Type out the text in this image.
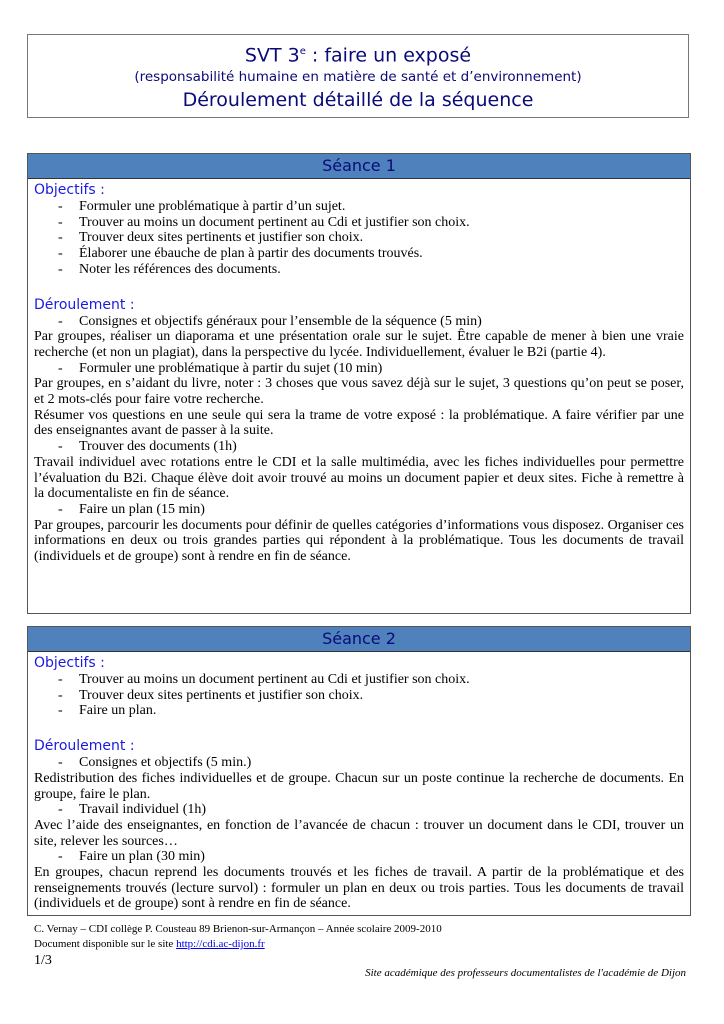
SVT 3e : faire un exposé
(responsabilité humaine en matière de santé et d’environnement)
Déroulement détaillé de la séquence
Séance 1
Objectifs :
-	Formuler une problématique à partir d’un sujet.
-	Trouver au moins un document pertinent au Cdi et justifier son choix.
-	Trouver deux sites pertinents et justifier son choix.
-	Élaborer une ébauche de plan à partir des documents trouvés.
-	Noter les références des documents.
Déroulement :
-	Consignes et objectifs généraux pour l’ensemble de la séquence (5 min)

Par groupes, réaliser un diaporama et une présentation orale sur le sujet. Être capable de mener à bien une vraie recherche (et non un plagiat), dans la perspective du lycée. Individuellement, évaluer le B2i (partie 4).

-	Formuler une problématique à partir du sujet (10 min)

Par groupes, en s’aidant du livre, noter : 3 choses que vous savez déjà sur le sujet, 3 questions qu’on peut se poser, et 2 mots-clés pour faire votre recherche.

Résumer vos questions en une seule qui sera la trame de votre exposé : la problématique. A faire vérifier par une des enseignantes avant de passer à la suite.

-	Trouver des documents (1h)

Travail individuel avec rotations entre le CDI et la salle multimédia, avec les fiches individuelles pour permettre l’évaluation du B2i. Chaque élève doit avoir trouvé au moins un document papier et deux sites. Fiche à remettre à la documentaliste en fin de séance.

-	Faire un plan (15 min)

Par groupes, parcourir les documents pour définir de quelles catégories d’informations vous disposez. Organiser ces informations en deux ou trois grandes parties qui répondent à la problématique. Tous les documents de travail (individuels et de groupe) sont à rendre en fin de séance.

Séance 2
Objectifs :
-	Trouver au moins un document pertinent au Cdi et justifier son choix.
-	Trouver deux sites pertinents et justifier son choix.
-	Faire un plan.
Déroulement :
-	Consignes et objectifs (5 min.)

Redistribution des fiches individuelles et de groupe. Chacun sur un poste continue la recherche de documents. En groupe, faire le plan.

-	Travail individuel (1h)

Avec l’aide des enseignantes, en fonction de l’avancée de chacun : trouver un document dans le CDI, trouver un site, relever les sources…

-	Faire un plan (30 min)

En groupes, chacun reprend les documents trouvés et les fiches de travail. A partir de la problématique et des renseignements trouvés (lecture survol) : formuler un plan en deux ou trois parties. Tous les documents de travail (individuels et de groupe) sont à rendre en fin de séance.

C. Vernay – CDI collège P. Cousteau 89 Brienon-sur-Armançon – Année scolaire 2009-2010
Document disponible sur le site http://cdi.ac-dijon.fr
1/3
Site académique des professeurs documentalistes de l'académie de Dijon
